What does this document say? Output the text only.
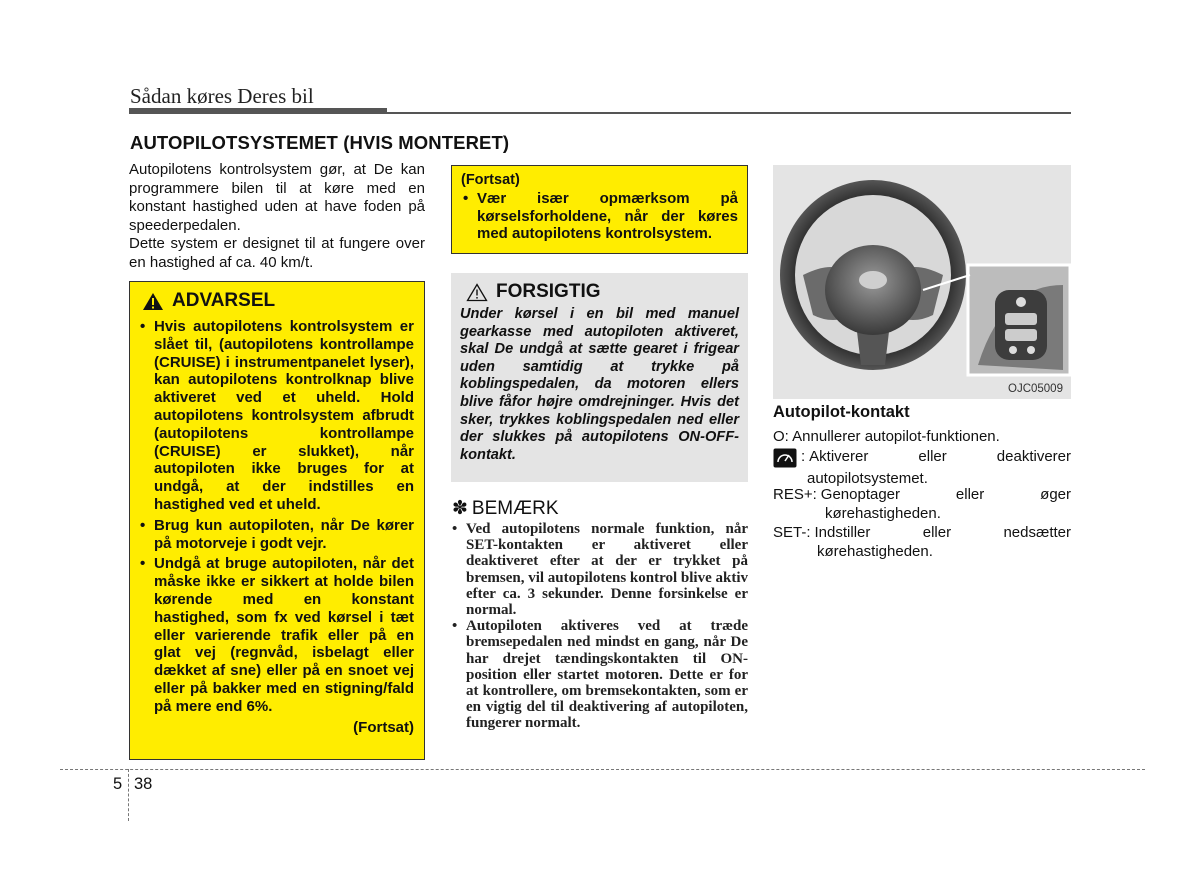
Sådan køres Deres bil
AUTOPILOTSYSTEMET (HVIS MONTERET)

Autopilotens kontrolsystem gør, at De kan programmere bilen til at køre med en konstant hastighed uden at have foden på speederpedalen.

Dette system er designet til at fungere over en hastighed af ca. 40 km/t.

ADVARSEL
• Hvis autopilotens kontrolsystem er slået til, (autopilotens kontrollampe (CRUISE) i instrumentpanelet lyser), kan autopilotens kontrolknap blive aktiveret ved et uheld. Hold autopilotens kontrolsystem afbrudt (autopilotens kontrollampe (CRUISE) er slukket), når autopiloten ikke bruges for at undgå, at der indstilles en hastighed ved et uheld.
• Brug kun autopiloten, når De kører på motorveje i godt vejr.
• Undgå at bruge autopiloten, når det måske ikke er sikkert at holde bilen kørende med en konstant hastighed, som fx ved kørsel i tæt eller varierende trafik eller på en glat vej (regnvåd, isbelagt eller dækket af sne) eller på en snoet vej eller på bakker med en stigning/fald på mere end 6%.
(Fortsat)
(Fortsat)
• Vær især opmærksom på kørselsforholdene, når der køres med autopilotens kontrolsystem.
FORSIGTIG
Under kørsel i en bil med manuel gearkasse med autopiloten aktiveret, skal De undgå at sætte gearet i frigear uden samtidig at trykke på koblingspedalen, da motoren ellers blive fåfor højre omdrejninger. Hvis det sker, trykkes koblingspedalen ned eller der slukkes på autopilotens ON-OFF-kontakt.
✽ BEMÆRK
• Ved autopilotens normale funktion, når SET-kontakten er aktiveret eller deaktiveret efter at der er trykket på bremsen, vil autopilotens kontrol blive aktiv efter ca. 3 sekunder. Denne forsinkelse er normal.
• Autopiloten aktiveres ved at træde bremsepedalen ned mindst en gang, når De har drejet tændingskontakten til ON-position eller startet motoren. Dette er for at kontrollere, om bremsekontakten, som er en vigtig del til deaktivering af autopiloten, fungerer normalt.
OJC05009
Autopilot-kontakt
O: Annullerer autopilot-funktionen.
: Aktiverer eller deaktiverer
autopilotsystemet.
RES+: Genoptager eller øger
kørehastigheden.
SET-: Indstiller eller nedsætter
kørehastigheden.
5 38
